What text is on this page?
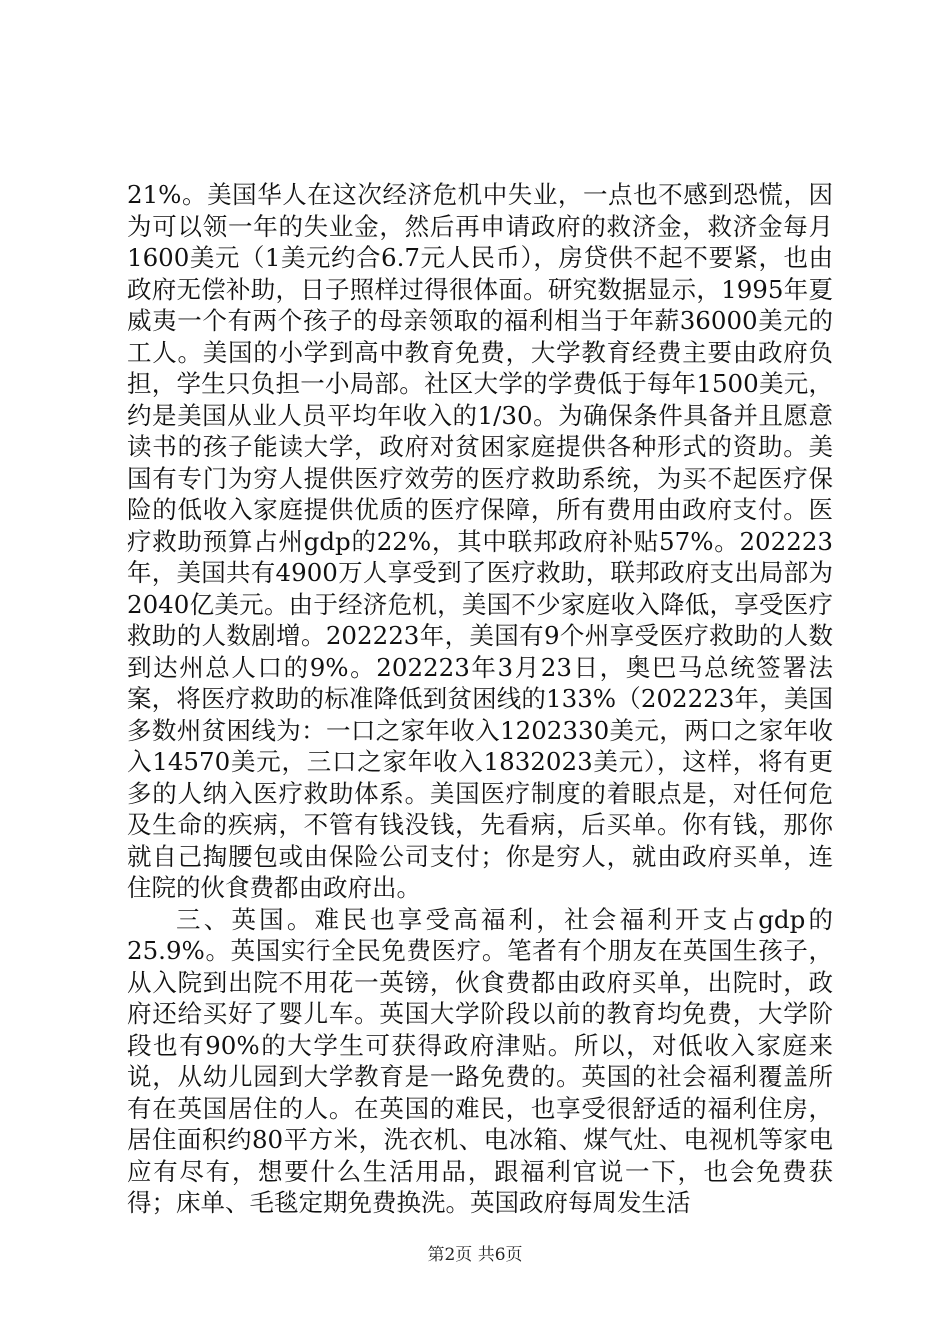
21%。美国华人在这次经济危机中失业，一点也不感到恐慌，因为可以领一年的失业金，然后再申请政府的救济金，救济金每月1600美元（1美元约合6.7元人民币），房贷供不起不要紧，也由政府无偿补助，日子照样过得很体面。研究数据显示，1995年夏威夷一个有两个孩子的母亲领取的福利相当于年薪36000美元的工人。美国的小学到高中教育免费，大学教育经费主要由政府负担，学生只负担一小局部。社区大学的学费低于每年1500美元，约是美国从业人员平均年收入的1/30。为确保条件具备并且愿意读书的孩子能读大学，政府对贫困家庭提供各种形式的资助。美国有专门为穷人提供医疗效劳的医疗救助系统，为买不起医疗保险的低收入家庭提供优质的医疗保障，所有费用由政府支付。医疗救助预算占州gdp的22%，其中联邦政府补贴57%。202223年，美国共有4900万人享受到了医疗救助，联邦政府支出局部为2040亿美元。由于经济危机，美国不少家庭收入降低，享受医疗救助的人数剧增。202223年，美国有9个州享受医疗救助的人数到达州总人口的9%。202223年3月23日，奥巴马总统签署法案，将医疗救助的标准降低到贫困线的133%（202223年，美国多数州贫困线为：一口之家年收入1202330美元，两口之家年收入14570美元，三口之家年收入1832023美元），这样，将有更多的人纳入医疗救助体系。美国医疗制度的着眼点是，对任何危及生命的疾病，不管有钱没钱，先看病，后买单。你有钱，那你就自己掏腰包或由保险公司支付；你是穷人，就由政府买单，连住院的伙食费都由政府出。

三、英国。难民也享受高福利，社会福利开支占gdp的25.9%。英国实行全民免费医疗。笔者有个朋友在英国生孩子，从入院到出院不用花一英镑，伙食费都由政府买单，出院时，政府还给买好了婴儿车。英国大学阶段以前的教育均免费，大学阶段也有90%的大学生可获得政府津贴。所以，对低收入家庭来说，从幼儿园到大学教育是一路免费的。英国的社会福利覆盖所有在英国居住的人。在英国的难民，也享受很舒适的福利住房，居住面积约80平方米，洗衣机、电冰箱、煤气灶、电视机等家电应有尽有，想要什么生活用品，跟福利官说一下，也会免费获得；床单、毛毯定期免费换洗。英国政府每周发生活

第2页 共6页
